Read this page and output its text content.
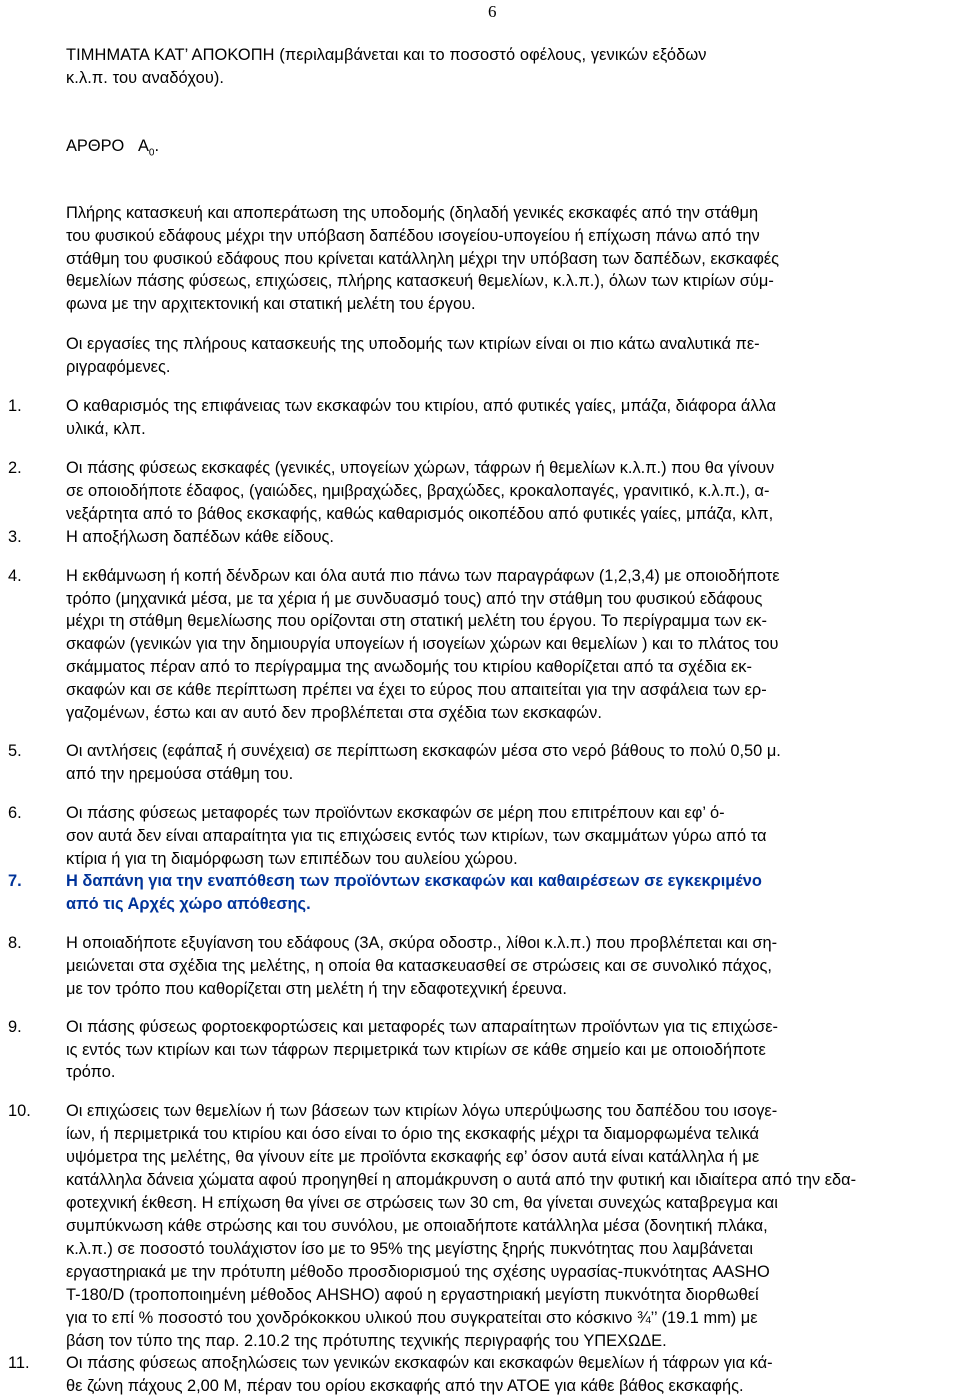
6
ΤΙΜΗΜΑΤΑ ΚΑΤ’ ΑΠΟΚΟΠΗ (περιλαμβάνεται και το ποσοστό οφέλους, γενικών εξόδων
κ.λ.π. του αναδόχου).
ΑΡΘΡΟ $A_0$.
Πλήρης κατασκευή και αποπεράτωση της υποδομής (δηλαδή γενικές εκσκαφές από την στάθμη
του φυσικού εδάφους μέχρι την υπόβαση δαπέδου ισογείου-υπογείου ή επίχωση πάνω από την
στάθμη του φυσικού εδάφους που κρίνεται κατάλληλη μέχρι την υπόβαση των δαπέδων, εκσκαφές
θεμελίων πάσης φύσεως, επιχώσεις, πλήρης κατασκευή θεμελίων, κ.λ.π.), όλων των κτιρίων σύμ-
φωνα με την αρχιτεκτονική και στατική μελέτη του έργου.
Οι εργασίες της πλήρους κατασκευής της υποδομής των κτιρίων είναι οι πιο κάτω αναλυτικά πε-
ριγραφόμενες.
1.	Ο καθαρισμός της επιφάνειας των εκσκαφών του κτιρίου, από φυτικές γαίες, μπάζα, διάφορα άλλα
υλικά, κλπ.
2.	Οι πάσης φύσεως εκσκαφές (γενικές, υπογείων χώρων, τάφρων ή θεμελίων κ.λ.π.) που θα γίνουν
σε οποιοδήποτε έδαφος, (γαιώδες, ημιβραχώδες, βραχώδες, κροκαλοπαγές, γρανιτικό, κ.λ.π.), α-
νεξάρτητα από το βάθος εκσκαφής, καθώς καθαρισμός οικοπέδου από φυτικές γαίες, μπάζα, κλπ,
3.	Η αποξήλωση δαπέδων κάθε είδους.
4.	Η εκθάμνωση ή κοπή δένδρων και όλα αυτά πιο πάνω των παραγράφων (1,2,3,4) με οποιοδήποτε
τρόπο (μηχανικά μέσα, με τα χέρια ή με συνδυασμό τους) από την στάθμη του φυσικού εδάφους
μέχρι τη στάθμη θεμελίωσης που ορίζονται στη στατική μελέτη του έργου. Το περίγραμμα των εκ-
σκαφών (γενικών για την δημιουργία υπογείων ή ισογείων χώρων και θεμελίων ) και το πλάτος του
σκάμματος πέραν από το περίγραμμα της ανωδομής του κτιρίου καθορίζεται από τα σχέδια εκ-
σκαφών και σε κάθε περίπτωση πρέπει να έχει το εύρος που απαιτείται για την ασφάλεια των ερ-
γαζομένων, έστω και αν αυτό δεν προβλέπεται στα σχέδια των εκσκαφών.
5.	Οι αντλήσεις (εφάπαξ ή συνέχεια) σε περίπτωση εκσκαφών μέσα στο νερό βάθους το πολύ 0,50 μ.
από την ηρεμούσα στάθμη του.
6.	Οι πάσης φύσεως μεταφορές των προϊόντων εκσκαφών σε μέρη που επιτρέπουν και εφ’ ό-
σον αυτά δεν είναι απαραίτητα για τις επιχώσεις εντός των κτιρίων, των σκαμμάτων γύρω από τα
κτίρια ή για τη διαμόρφωση των επιπέδων του αυλείου χώρου.
7.	Η δαπάνη για την εναπόθεση των προϊόντων εκσκαφών και καθαιρέσεων σε εγκεκριμένο
από τις Αρχές χώρο απόθεσης.
8.	Η οποιαδήποτε εξυγίανση του εδάφους (3Α, σκύρα οδοστρ., λίθοι κ.λ.π.) που προβλέπεται και ση-
μειώνεται στα σχέδια της μελέτης, η οποία θα κατασκευασθεί σε στρώσεις και σε συνολικό πάχος,
με τον τρόπο που καθορίζεται στη μελέτη ή την εδαφοτεχνική έρευνα.
9.	Οι πάσης φύσεως φορτοεκφορτώσεις και μεταφορές των απαραίτητων προϊόντων για τις επιχώσε-
ις εντός των κτιρίων και των τάφρων περιμετρικά των κτιρίων σε κάθε σημείο και με οποιοδήποτε
τρόπο.
10. Οι επιχώσεις των θεμελίων ή των βάσεων των κτιρίων λόγω υπερύψωσης του δαπέδου του ισογε-
ίων, ή περιμετρικά του κτιρίου και όσο είναι το όριο της εκσκαφής μέχρι τα διαμορφωμένα τελικά
υψόμετρα της μελέτης, θα γίνουν είτε με προϊόντα εκσκαφής εφ’ όσον αυτά είναι κατάλληλα ή με
κατάλληλα δάνεια χώματα αφού προηγηθεί η απομάκρυνση ο αυτά από την φυτική και ιδιαίτερα από την εδα-
φοτεχνική έκθεση. Η επίχωση θα γίνει σε στρώσεις των 30 cm, θα γίνεται συνεχώς καταβρεγμα και
συμπύκνωση κάθε στρώσης και του συνόλου, με οποιαδήποτε κατάλληλα μέσα (δονητική πλάκα,
κ.λ.π.) σε ποσοστό τουλάχιστον ίσο με το 95% της μεγίστης ξηρής πυκνότητας που λαμβάνεται
εργαστηριακά με την πρότυπη μέθοδο προσδιορισμού της σχέσης υγρασίας-πυκνότητας AASHO
T-180/D (τροποποιημένη μέθοδος AHSHO) αφού η εργαστηριακή μεγίστη πυκνότητα διορθωθεί
για το επί % ποσοστό του χονδρόκοκκου υλικού που συγκρατείται στο κόσκινο ¾’’ (19.1 mm) με
βάση τον τύπο της παρ. 2.10.2 της πρότυπης τεχνικής περιγραφής του ΥΠΕΧΩΔΕ.
11. Οι πάσης φύσεως αποξηλώσεις των γενικών εκσκαφών και εκσκαφών θεμελίων ή τάφρων για κά-
θε ζώνη πάχους 2,00 Μ, πέραν του ορίου εκσκαφής από την ΑΤΟΕ για κάθε βάθος εκσκαφής.
